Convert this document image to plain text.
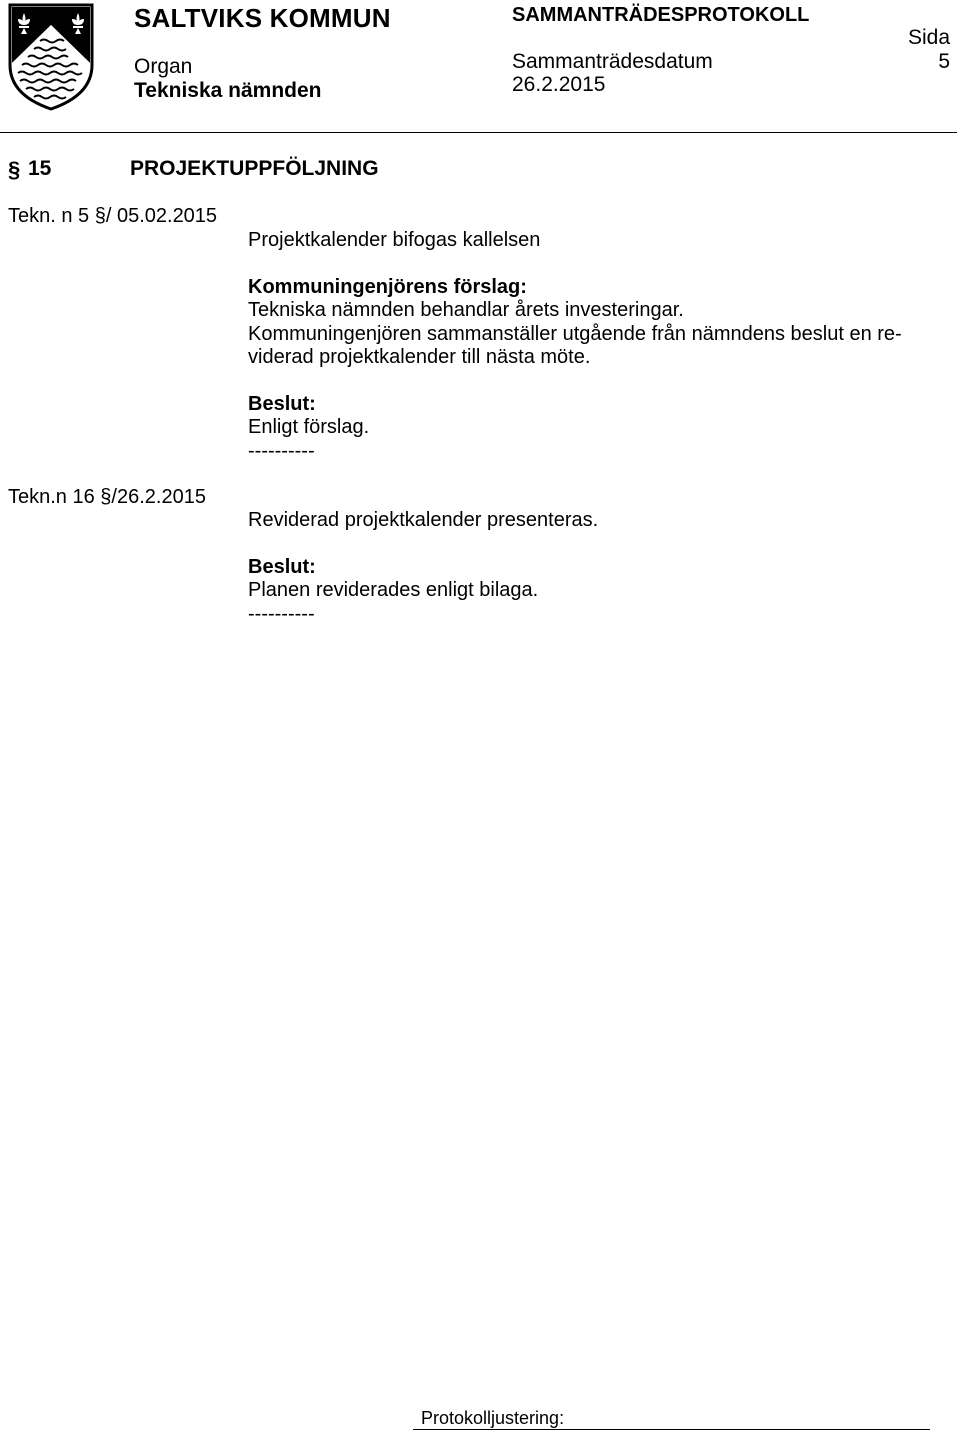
SALTVIKS KOMMUN
Organ
Tekniska nämnden
SAMMANTRÄDESPROTOKOLL
Sammanträdesdatum
26.2.2015
Sida
5
§ 15	PROJEKTUPPFÖLJNING
Tekn. n 5 §/ 05.02.2015
Projektkalender bifogas kallelsen
Kommuningenjörens förslag:
Tekniska nämnden behandlar årets investeringar.
Kommuningenjören sammanställer utgående från nämndens beslut en re-
viderad projektkalender till nästa möte.
Beslut:
Enligt förslag.
----------
Tekn.n 16 §/26.2.2015
Reviderad projektkalender presenteras.
Beslut:
Planen reviderades enligt bilaga.
----------
Protokolljustering:
